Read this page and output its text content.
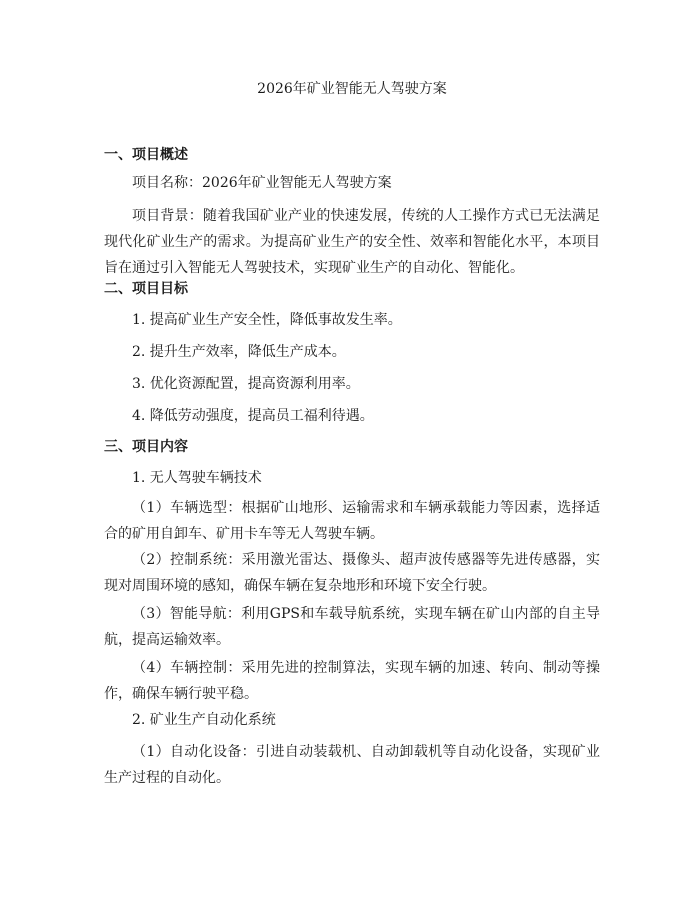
2026年矿业智能无人驾驶方案
一、项目概述
项目名称：2026年矿业智能无人驾驶方案
项目背景：随着我国矿业产业的快速发展，传统的人工操作方式已无法满足现代化矿业生产的需求。为提高矿业生产的安全性、效率和智能化水平，本项目旨在通过引入智能无人驾驶技术，实现矿业生产的自动化、智能化。
二、项目目标
1. 提高矿业生产安全性，降低事故发生率。
2. 提升生产效率，降低生产成本。
3. 优化资源配置，提高资源利用率。
4. 降低劳动强度，提高员工福利待遇。
三、项目内容
1. 无人驾驶车辆技术
（1）车辆选型：根据矿山地形、运输需求和车辆承载能力等因素，选择适合的矿用自卸车、矿用卡车等无人驾驶车辆。
（2）控制系统：采用激光雷达、摄像头、超声波传感器等先进传感器，实现对周围环境的感知，确保车辆在复杂地形和环境下安全行驶。
（3）智能导航：利用GPS和车载导航系统，实现车辆在矿山内部的自主导航，提高运输效率。
（4）车辆控制：采用先进的控制算法，实现车辆的加速、转向、制动等操作，确保车辆行驶平稳。
2. 矿业生产自动化系统
（1）自动化设备：引进自动装载机、自动卸载机等自动化设备，实现矿业生产过程的自动化。
